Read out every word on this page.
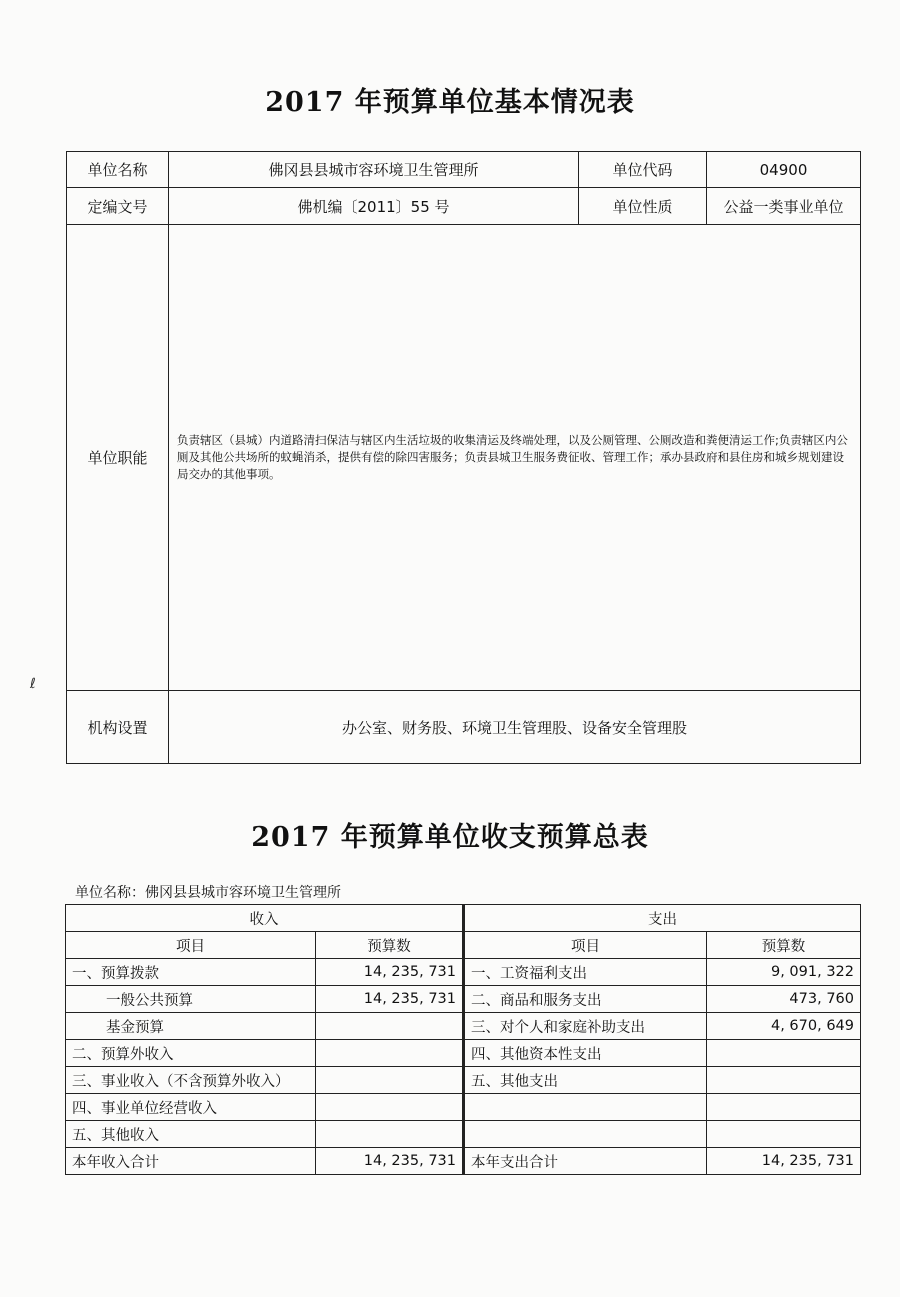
2017 年预算单位基本情况表
单位名称	佛冈县县城市容环境卫生管理所	单位代码	04900
定编文号	佛机编〔2011〕55 号	单位性质	公益一类事业单位
单位职能	负责辖区（县城）内道路清扫保洁与辖区内生活垃圾的收集清运及终端处理，以及公厕管理、公厕改造和粪便清运工作;负责辖区内公厕及其他公共场所的蚊蝇消杀，提供有偿的除四害服务；负责县城卫生服务费征收、管理工作；承办县政府和县住房和城乡规划建设局交办的其他事项。		
机构设置	办公室、财务股、环境卫生管理股、设备安全管理股		
2017 年预算单位收支预算总表
单位名称：佛冈县县城市容环境卫生管理所
收入		支出	
项目	预算数	项目	预算数
一、预算拨款	14, 235, 731	一、工资福利支出	9, 091, 322
一般公共预算	14, 235, 731	二、商品和服务支出	473, 760
基金预算		三、对个人和家庭补助支出	4, 670, 649
二、预算外收入		四、其他资本性支出	
三、事业收入（不含预算外收入）		五、其他支出	
四、事业单位经营收入			
五、其他收入			
本年收入合计	14, 235, 731	本年支出合计	14, 235, 731
ℓ
